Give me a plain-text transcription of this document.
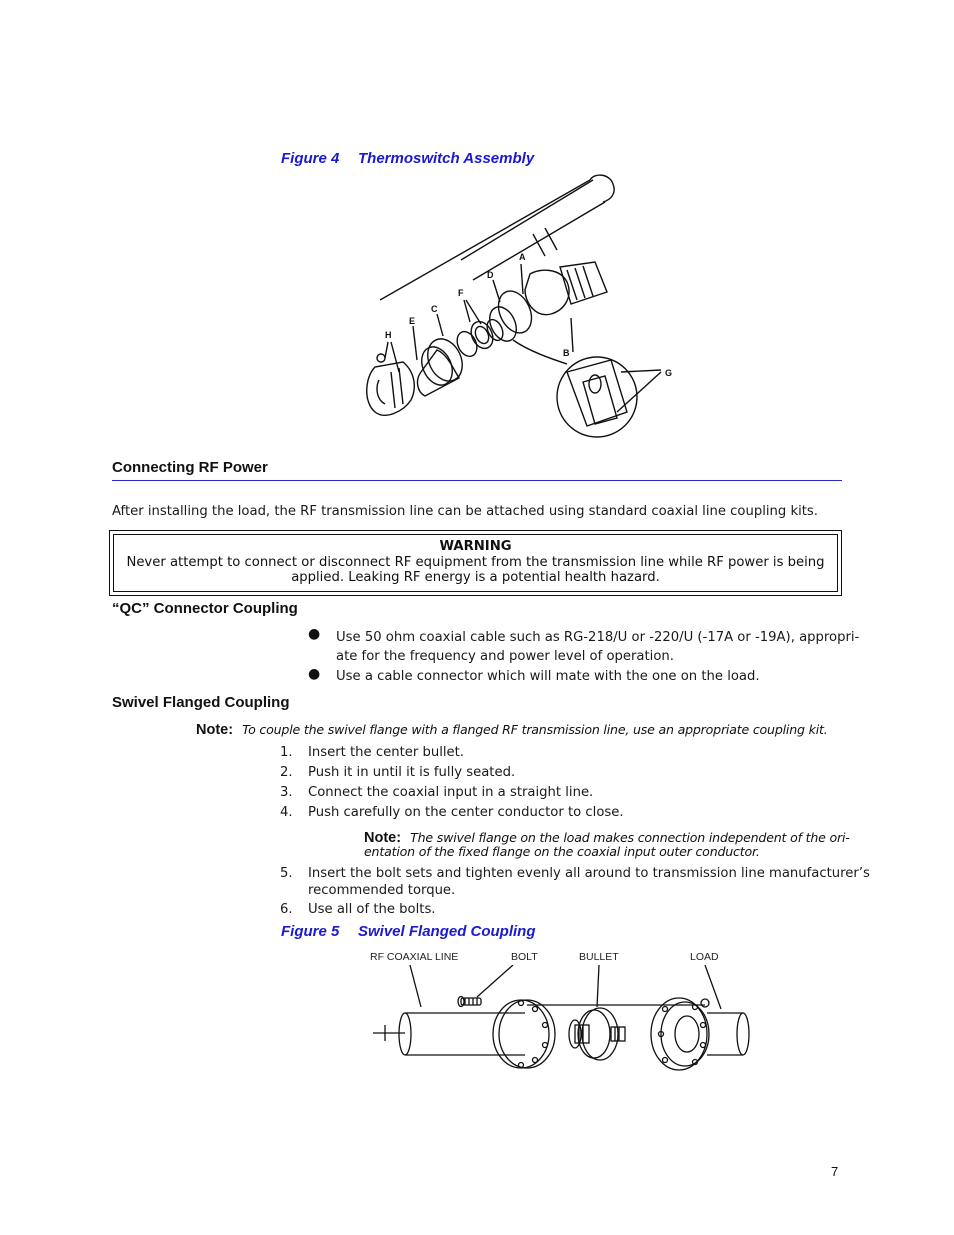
Figure 4 Thermoswitch Assembly
A
B
C
D
E
F
G
H
Connecting RF Power
After installing the load, the RF transmission line can be attached using standard coaxial line coupling kits.
WARNING
Never attempt to connect or disconnect RF equipment from the transmission line while RF power is being
applied. Leaking RF energy is a potential health hazard.
“QC” Connector Coupling
● Use 50 ohm coaxial cable such as RG-218/U or -220/U (-17A or -19A), appropri-
ate for the frequency and power level of operation.
● Use a cable connector which will mate with the one on the load.
Swivel Flanged Coupling
Note: To couple the swivel flange with a flanged RF transmission line, use an appropriate coupling kit.
1. Insert the center bullet.
2. Push it in until it is fully seated.
3. Connect the coaxial input in a straight line.
4. Push carefully on the center conductor to close.
Note: The swivel flange on the load makes connection independent of the ori-
entation of the fixed flange on the coaxial input outer conductor.
5. Insert the bolt sets and tighten evenly all around to transmission line manufacturer’s
recommended torque.
6. Use all of the bolts.
Figure 5 Swivel Flanged Coupling
RF COAXIAL LINE	BOLT	BULLET	LOAD
7
